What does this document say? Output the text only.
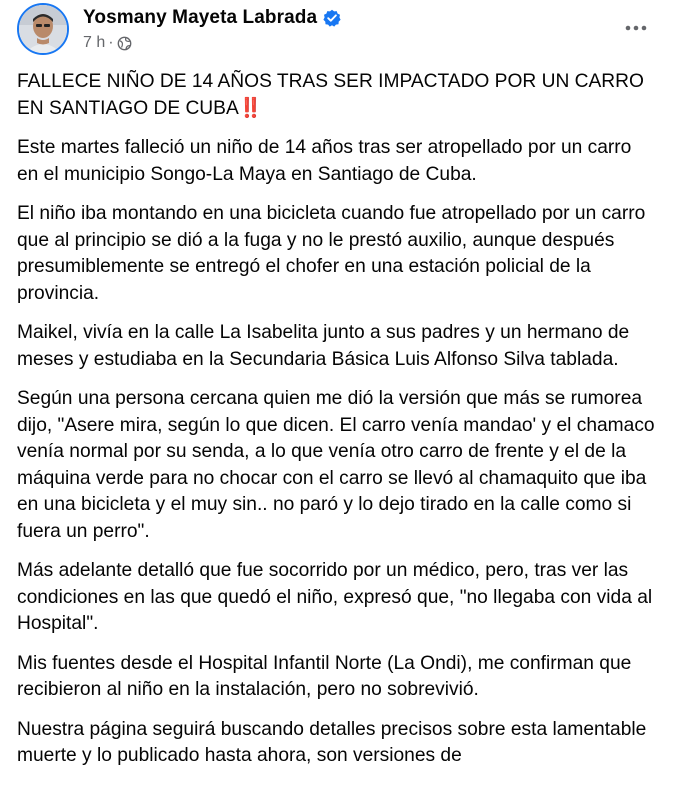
Yosmany Mayeta Labrada
7 h ·

FALLECE NIÑO DE 14 AÑOS TRAS SER IMPACTADO POR UN CARRO EN SANTIAGO DE CUBA‼️

Este martes falleció un niño de 14 años tras ser atropellado por un carro en el municipio Songo-La Maya en Santiago de Cuba.

El niño iba montando en una bicicleta cuando fue atropellado por un carro que al principio se dió a la fuga y no le prestó auxilio, aunque después presumiblemente se entregó el chofer en una estación policial de la provincia.

Maikel, vivía en la calle La Isabelita junto a sus padres y un hermano de meses y estudiaba en la Secundaria Básica Luis Alfonso Silva tablada.

Según una persona cercana quien me dió la versión que más se rumorea dijo, "Asere mira, según lo que dicen. El carro venía mandao' y el chamaco venía normal por su senda, a lo que venía otro carro de frente y el de la máquina verde para no chocar con el carro se llevó al chamaquito que iba en una bicicleta y el muy sin.. no paró y lo dejo tirado en la calle como si fuera un perro".

Más adelante detalló que fue socorrido por un médico, pero, tras ver las condiciones en las que quedó el niño, expresó que, "no llegaba con vida al Hospital".

Mis fuentes desde el Hospital Infantil Norte (La Ondi), me confirman que recibieron al niño en la instalación, pero no sobrevivió.

Nuestra página seguirá buscando detalles precisos sobre esta lamentable muerte y lo publicado hasta ahora, son versiones de
